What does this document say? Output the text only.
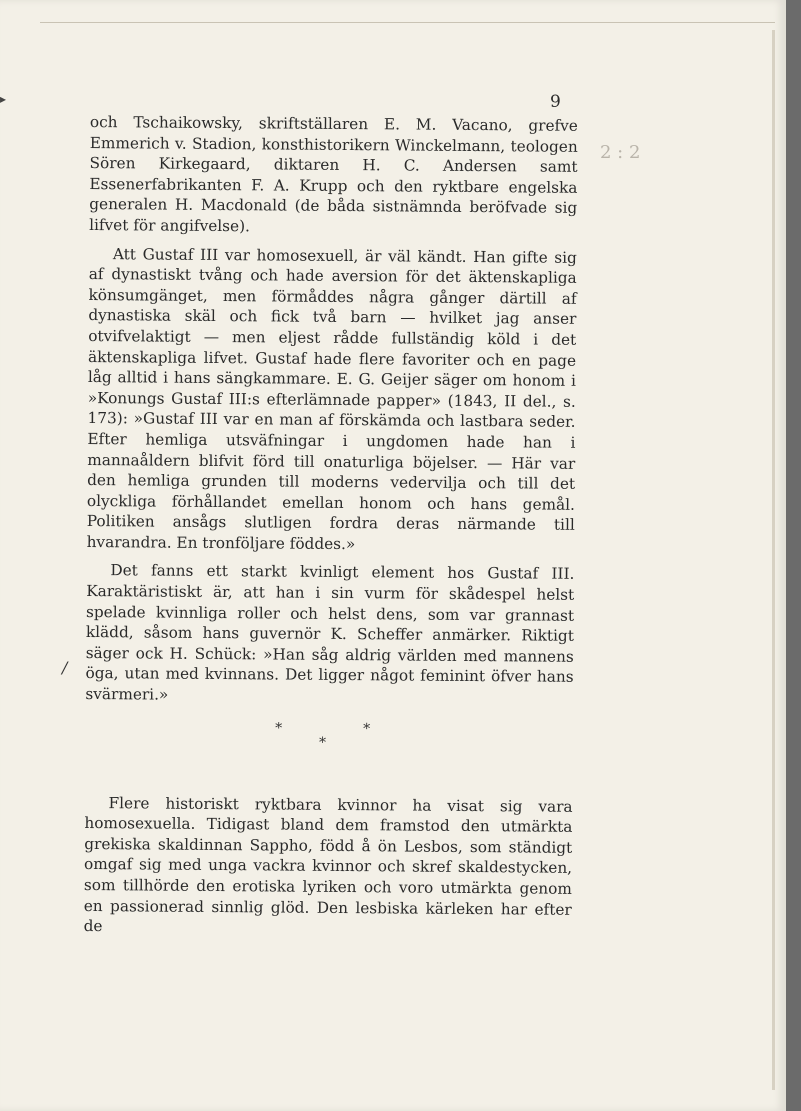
▸	9
2 : 2
/

och Tschaikowsky, skriftställaren E. M. Vacano, grefve Emmerich v. Stadion, konsthistorikern Winckelmann, teologen Sören Kirkegaard, diktaren H. C. Andersen samt Essenerfabrikanten F. A. Krupp och den ryktbare engelska generalen H. Macdonald (de båda sistnämnda beröfvade sig lifvet för angifvelse).

Att Gustaf III var homosexuell, är väl kändt. Han gifte sig af dynastiskt tvång och hade aversion för det äktenskapliga könsumgänget, men förmåddes några gånger därtill af dynastiska skäl och fick två barn — hvilket jag anser otvifvelaktigt — men eljest rådde fullständig köld i det äktenskapliga lifvet. Gustaf hade flere favoriter och en page låg alltid i hans sängkammare. E. G. Geijer säger om honom i »Konungs Gustaf III:s efterlämnade papper» (1843, II del., s. 173): »Gustaf III var en man af förskämda och lastbara seder. Efter hemliga utsväfningar i ungdomen hade han i mannaåldern blifvit förd till onaturliga böjelser. — Här var den hemliga grunden till moderns vedervilja och till det olyckliga förhållandet emellan honom och hans gemål. Politiken ansågs slutligen fordra deras närmande till hvarandra. En tronföljare föddes.»

Det fanns ett starkt kvinligt element hos Gustaf III. Karaktäristiskt är, att han i sin vurm för skådespel helst spelade kvinnliga roller och helst dens, som var grannast klädd, såsom hans guvernör K. Scheffer anmärker. Riktigt säger ock H. Schück: »Han såg aldrig världen med mannens öga, utan med kvinnans. Det ligger något feminint öfver hans svärmeri.»

*
*
*

Flere historiskt ryktbara kvinnor ha visat sig vara homosexuella. Tidigast bland dem framstod den utmärkta grekiska skaldinnan Sappho, född å ön Lesbos, som ständigt omgaf sig med unga vackra kvinnor och skref skaldestycken, som tillhörde den erotiska lyriken och voro utmärkta genom en passionerad sinnlig glöd. Den lesbiska kärleken har efter de
